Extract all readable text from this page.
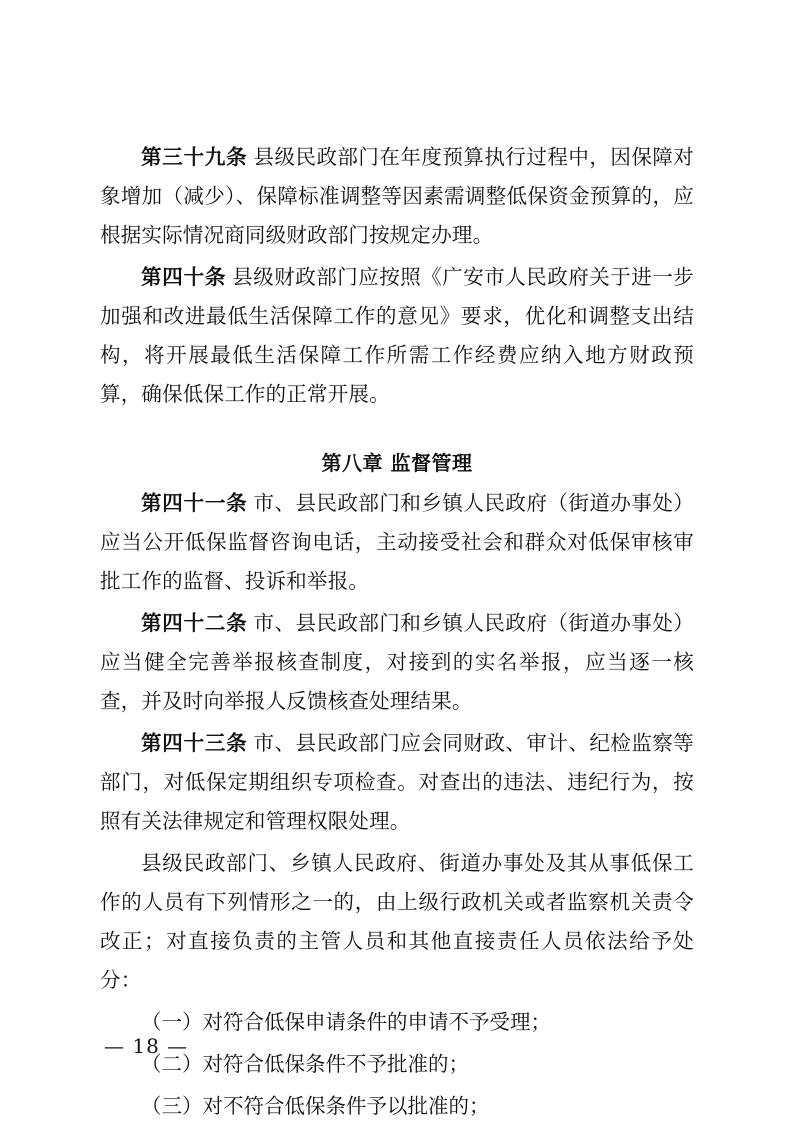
第三十九条 县级民政部门在年度预算执行过程中，因保障对象增加（减少）、保障标准调整等因素需调整低保资金预算的，应根据实际情况商同级财政部门按规定办理。

第四十条 县级财政部门应按照《广安市人民政府关于进一步加强和改进最低生活保障工作的意见》要求，优化和调整支出结构，将开展最低生活保障工作所需工作经费应纳入地方财政预算，确保低保工作的正常开展。

第八章 监督管理

第四十一条 市、县民政部门和乡镇人民政府（街道办事处）应当公开低保监督咨询电话，主动接受社会和群众对低保审核审批工作的监督、投诉和举报。

第四十二条 市、县民政部门和乡镇人民政府（街道办事处）应当健全完善举报核查制度，对接到的实名举报，应当逐一核查，并及时向举报人反馈核查处理结果。

第四十三条 市、县民政部门应会同财政、审计、纪检监察等部门，对低保定期组织专项检查。对查出的违法、违纪行为，按照有关法律规定和管理权限处理。

县级民政部门、乡镇人民政府、街道办事处及其从事低保工作的人员有下列情形之一的，由上级行政机关或者监察机关责令改正；对直接负责的主管人员和其他直接责任人员依法给予处分：

（一）对符合低保申请条件的申请不予受理；

（二）对符合低保条件不予批准的；

（三）对不符合低保条件予以批准的；

— 18 —
